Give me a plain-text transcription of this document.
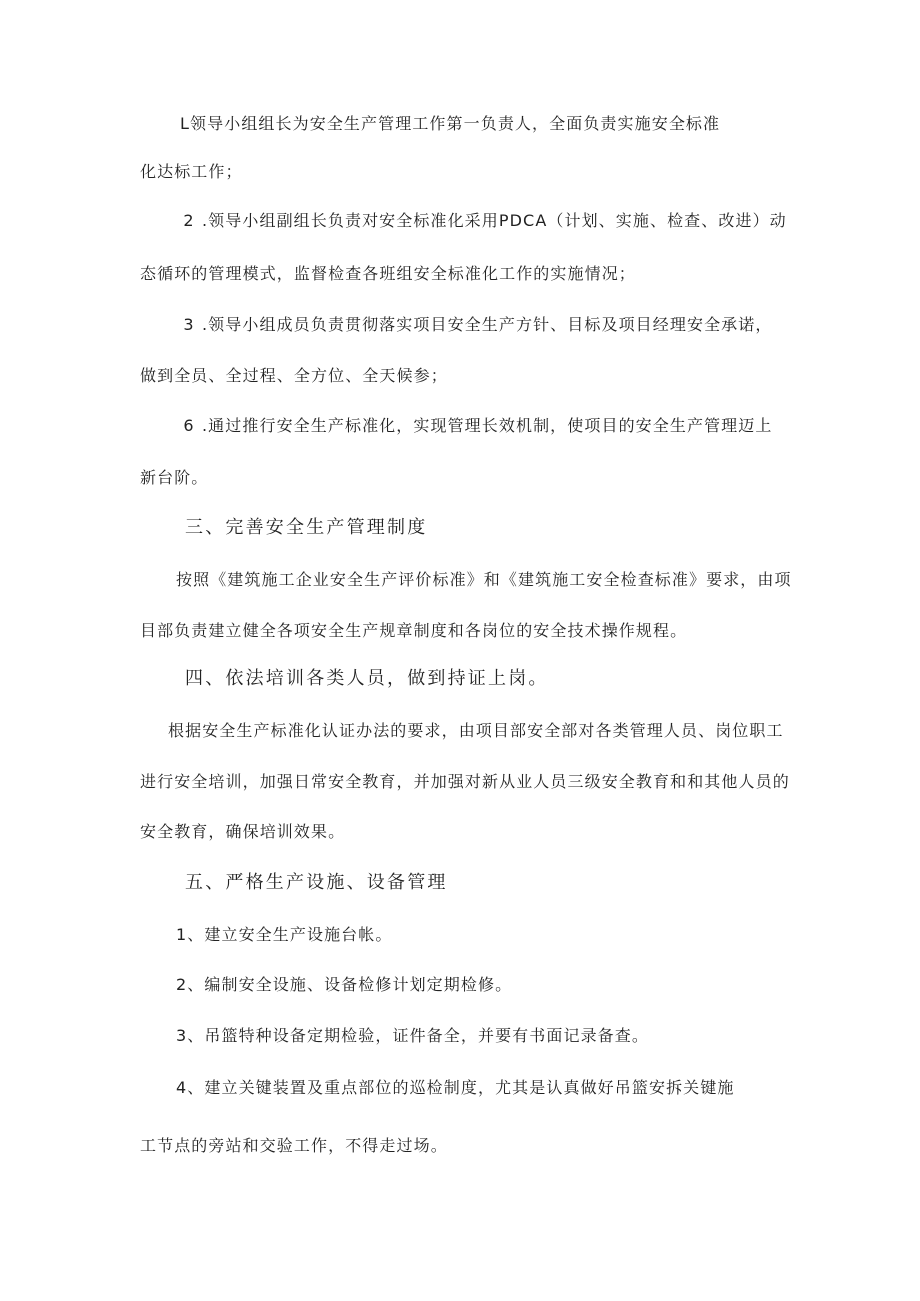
L领导小组组长为安全生产管理工作第一负责人，全面负责实施安全标准
化达标工作；
2 .领导小组副组长负责对安全标准化采用PDCA（计划、实施、检查、改进）动
态循环的管理模式，监督检查各班组安全标准化工作的实施情况；
3 .领导小组成员负责贯彻落实项目安全生产方针、目标及项目经理安全承诺，
做到全员、全过程、全方位、全天候参；
6 .通过推行安全生产标准化，实现管理长效机制，使项目的安全生产管理迈上
新台阶。
三、完善安全生产管理制度
按照《建筑施工企业安全生产评价标准》和《建筑施工安全检查标准》要求，由项
目部负责建立健全各项安全生产规章制度和各岗位的安全技术操作规程。
四、依法培训各类人员，做到持证上岗。
根据安全生产标准化认证办法的要求，由项目部安全部对各类管理人员、岗位职工
进行安全培训，加强日常安全教育，并加强对新从业人员三级安全教育和和其他人员的
安全教育，确保培训效果。
五、严格生产设施、设备管理
1、建立安全生产设施台帐。
2、编制安全设施、设备检修计划定期检修。
3、吊篮特种设备定期检验，证件备全，并要有书面记录备查。
4、建立关键装置及重点部位的巡检制度，尤其是认真做好吊篮安拆关键施
工节点的旁站和交验工作，不得走过场。
